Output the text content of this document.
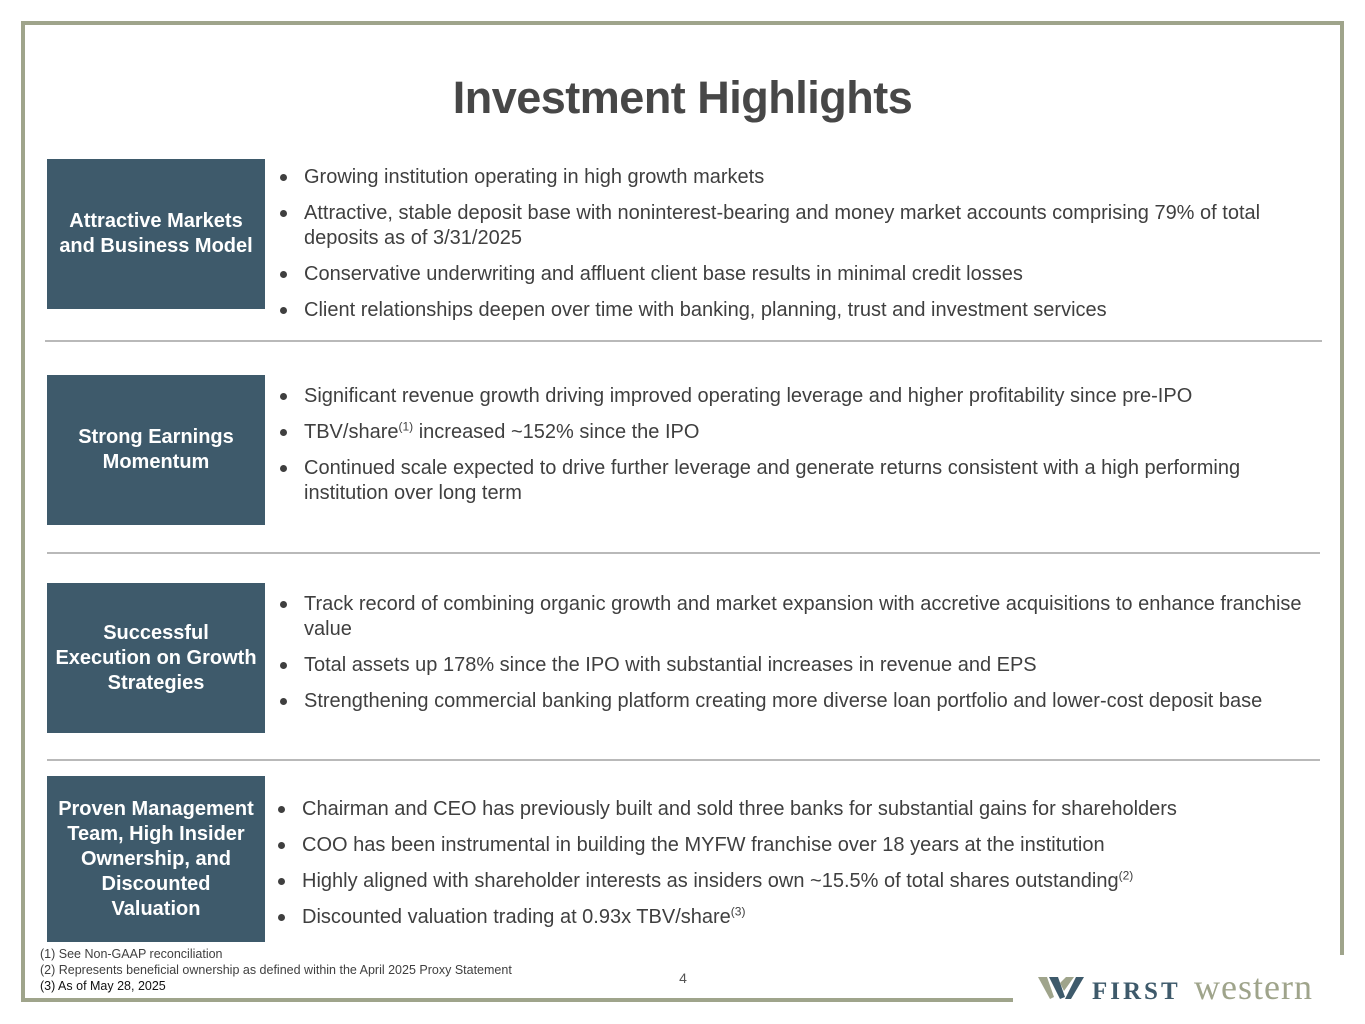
Investment Highlights
Attractive Markets and Business Model
Growing institution operating in high growth markets
Attractive, stable deposit base with noninterest-bearing and money market accounts comprising 79% of total deposits as of 3/31/2025
Conservative underwriting and affluent client base results in minimal credit losses
Client relationships deepen over time with banking, planning, trust and investment services
Strong Earnings Momentum
Significant revenue growth driving improved operating leverage and higher profitability since pre-IPO
TBV/share$^{(1)}$ increased ~152% since the IPO
Continued scale expected to drive further leverage and generate returns consistent with a high performing institution over long term
Successful Execution on Growth Strategies
Track record of combining organic growth and market expansion with accretive acquisitions to enhance franchise value
Total assets up 178% since the IPO with substantial increases in revenue and EPS
Strengthening commercial banking platform creating more diverse loan portfolio and lower-cost deposit base
Proven Management Team, High Insider Ownership, and Discounted Valuation
Chairman and CEO has previously built and sold three banks for substantial gains for shareholders
COO has been instrumental in building the MYFW franchise over 18 years at the institution
Highly aligned with shareholder interests as insiders own ~15.5% of total shares outstanding$^{(2)}$
Discounted valuation trading at 0.93x TBV/share$^{(3)}$
(1) See Non-GAAP reconciliation
(2) Represents beneficial ownership as defined within the April 2025 Proxy Statement
(3) As of May 28, 2025	4	FIRST western
